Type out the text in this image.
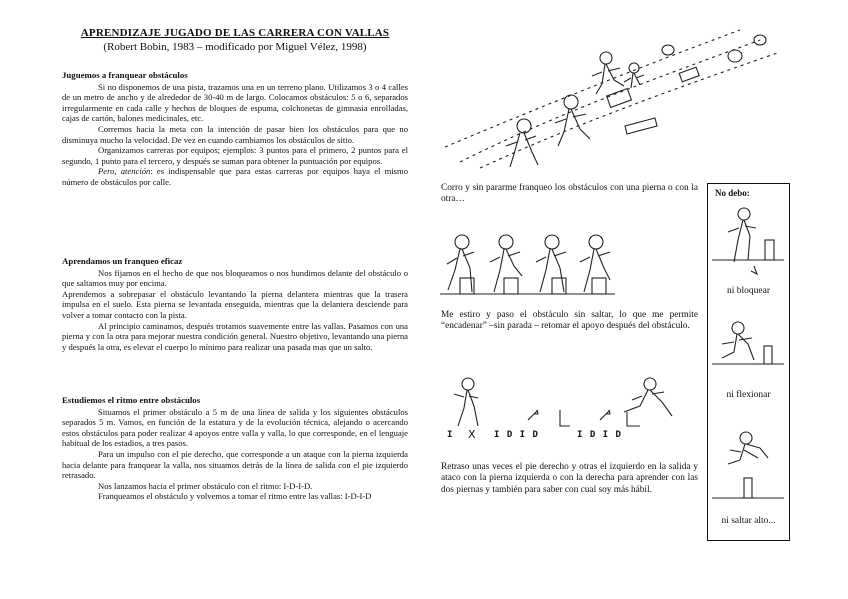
APRENDIZAJE JUGADO DE LAS CARRERA CON VALLAS
(Robert Bobin, 1983 – modificado por Miguel Vélez, 1998)
Juguemos a franquear obstáculos

Si no disponemos de una pista, trazamos una en un terreno plano. Utilizamos 3 o 4 calles de un metro de ancho y de alrededor de 30-40 m de largo. Colocamos obstáculos: 5 o 6, separados irregularmente en cada calle y hechos de bloques de espuma, colchonetas de gimnasia enrolladas, cajas de cartón, balones medicinales, etc.

Corremos hacia la meta con la intención de pasar bien los obstáculos para que no disminuya mucho la velocidad. De vez en cuando cambiamos los obstáculos de sitio.

Organizamos carreras por equipos; ejemplos: 3 puntos para el primero, 2 puntos para el segundo, 1 punto para el tercero, y después se suman para obtener la puntuación por equipos.

Pero, atención: es indispensable que para estas carreras por equipos haya el mismo número de obstáculos por calle.

Aprendamos un franqueo eficaz

Nos fijamos en el hecho de que nos bloqueamos o nos hundimos delante del obstáculo o que saltamos muy por encima.

Aprendemos a sobrepasar el obstáculo levantando la pierna delantera mientras que la trasera impulsa en el suelo. Esta pierna se levantada enseguida, mientras que la delantera desciende para volver a tomar contacto con la pista.

Al principio caminamos, después trotamos suavemente entre las vallas. Pasamos con una pierna y con la otra para mejorar nuestra condición general. Nuestro objetivo, levantando una pierna y después la otra, es elevar el cuerpo lo mínimo para realizar una pasada mas que un salto.

Estudiemos el ritmo entre obstáculos

Situamos el primer obstáculo a 5 m de una línea de salida y los siguientes obstáculos separados 5 m. Vamos, en función de la estatura y de la evolución técnica, alejando o acercando estos obstáculos para poder realizar 4 apoyos entre valla y valla, lo que corresponde, en el lenguaje habitual de los estadios, a tres pasos.

Para un impulso con el pie derecho, que corresponde a un ataque con la pierna izquierda hacia delante para franquear la valla, nos situamos detrás de la línea de salida con el pie izquierdo retrasado.

Nos lanzamos hacia el primer obstáculo con el ritmo: I-D-I-D.

Franqueamos el obstáculo y volvemos a tomar el ritmo entre las vallas: I-D-I-D

Corro y sin pararme franqueo los obstáculos con una pierna o con la otra…
Me estiro y paso el obstáculo sin saltar, lo que me permite “encadenar” –sin parada – retomar el apoyo después del obstáculo.
I X I D I D	I D I D
Retraso unas veces el pie derecho y otras el izquierdo en la salida y ataco con la pierna izquierda o con la derecha para aprender con las dos piernas y también para saber con cual soy más hábil.
No debo:
ni bloquear
ni flexionar
ni saltar alto...
